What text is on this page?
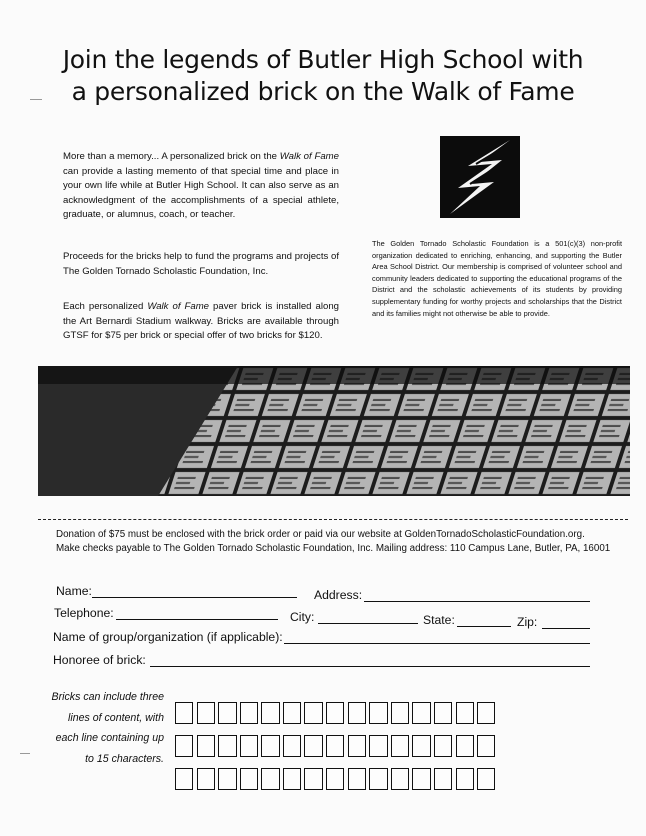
Join the legends of Butler High School with
a personalized brick on the Walk of Fame
More than a memory... A personalized brick on the Walk of Fame can provide a lasting memento of that special time and place in your own life while at Butler High School. It can also serve as an acknowledgment of the accomplishments of a special athlete, graduate, or alumnus, coach, or teacher.
Proceeds for the bricks help to fund the programs and projects of The Golden Tornado Scholastic Foundation, Inc.
Each personalized Walk of Fame paver brick is installed along the Art Bernardi Stadium walkway. Bricks are available through GTSF for $75 per brick or special offer of two bricks for $120.
The Golden Tornado Scholastic Foundation is a 501(c)(3) non-profit organization dedicated to enriching, enhancing, and supporting the Butler Area School District. Our membership is comprised of volunteer school and community leaders dedicated to supporting the educational programs of the District and the scholastic achievements of its students by providing supplementary funding for worthy projects and scholarships that the District and its families might not otherwise be able to provide.
Donation of $75 must be enclosed with the brick order or paid via our website at GoldenTornadoScholasticFoundation.org.
Make checks payable to The Golden Tornado Scholastic Foundation, Inc. Mailing address: 110 Campus Lane, Butler, PA, 16001
Name:	Address:
Telephone:	City:	State:	Zip:
Name of group/organization (if applicable):
Honoree of brick:
Bricks can include three
lines of content, with
each line containing up
to 15 characters.
